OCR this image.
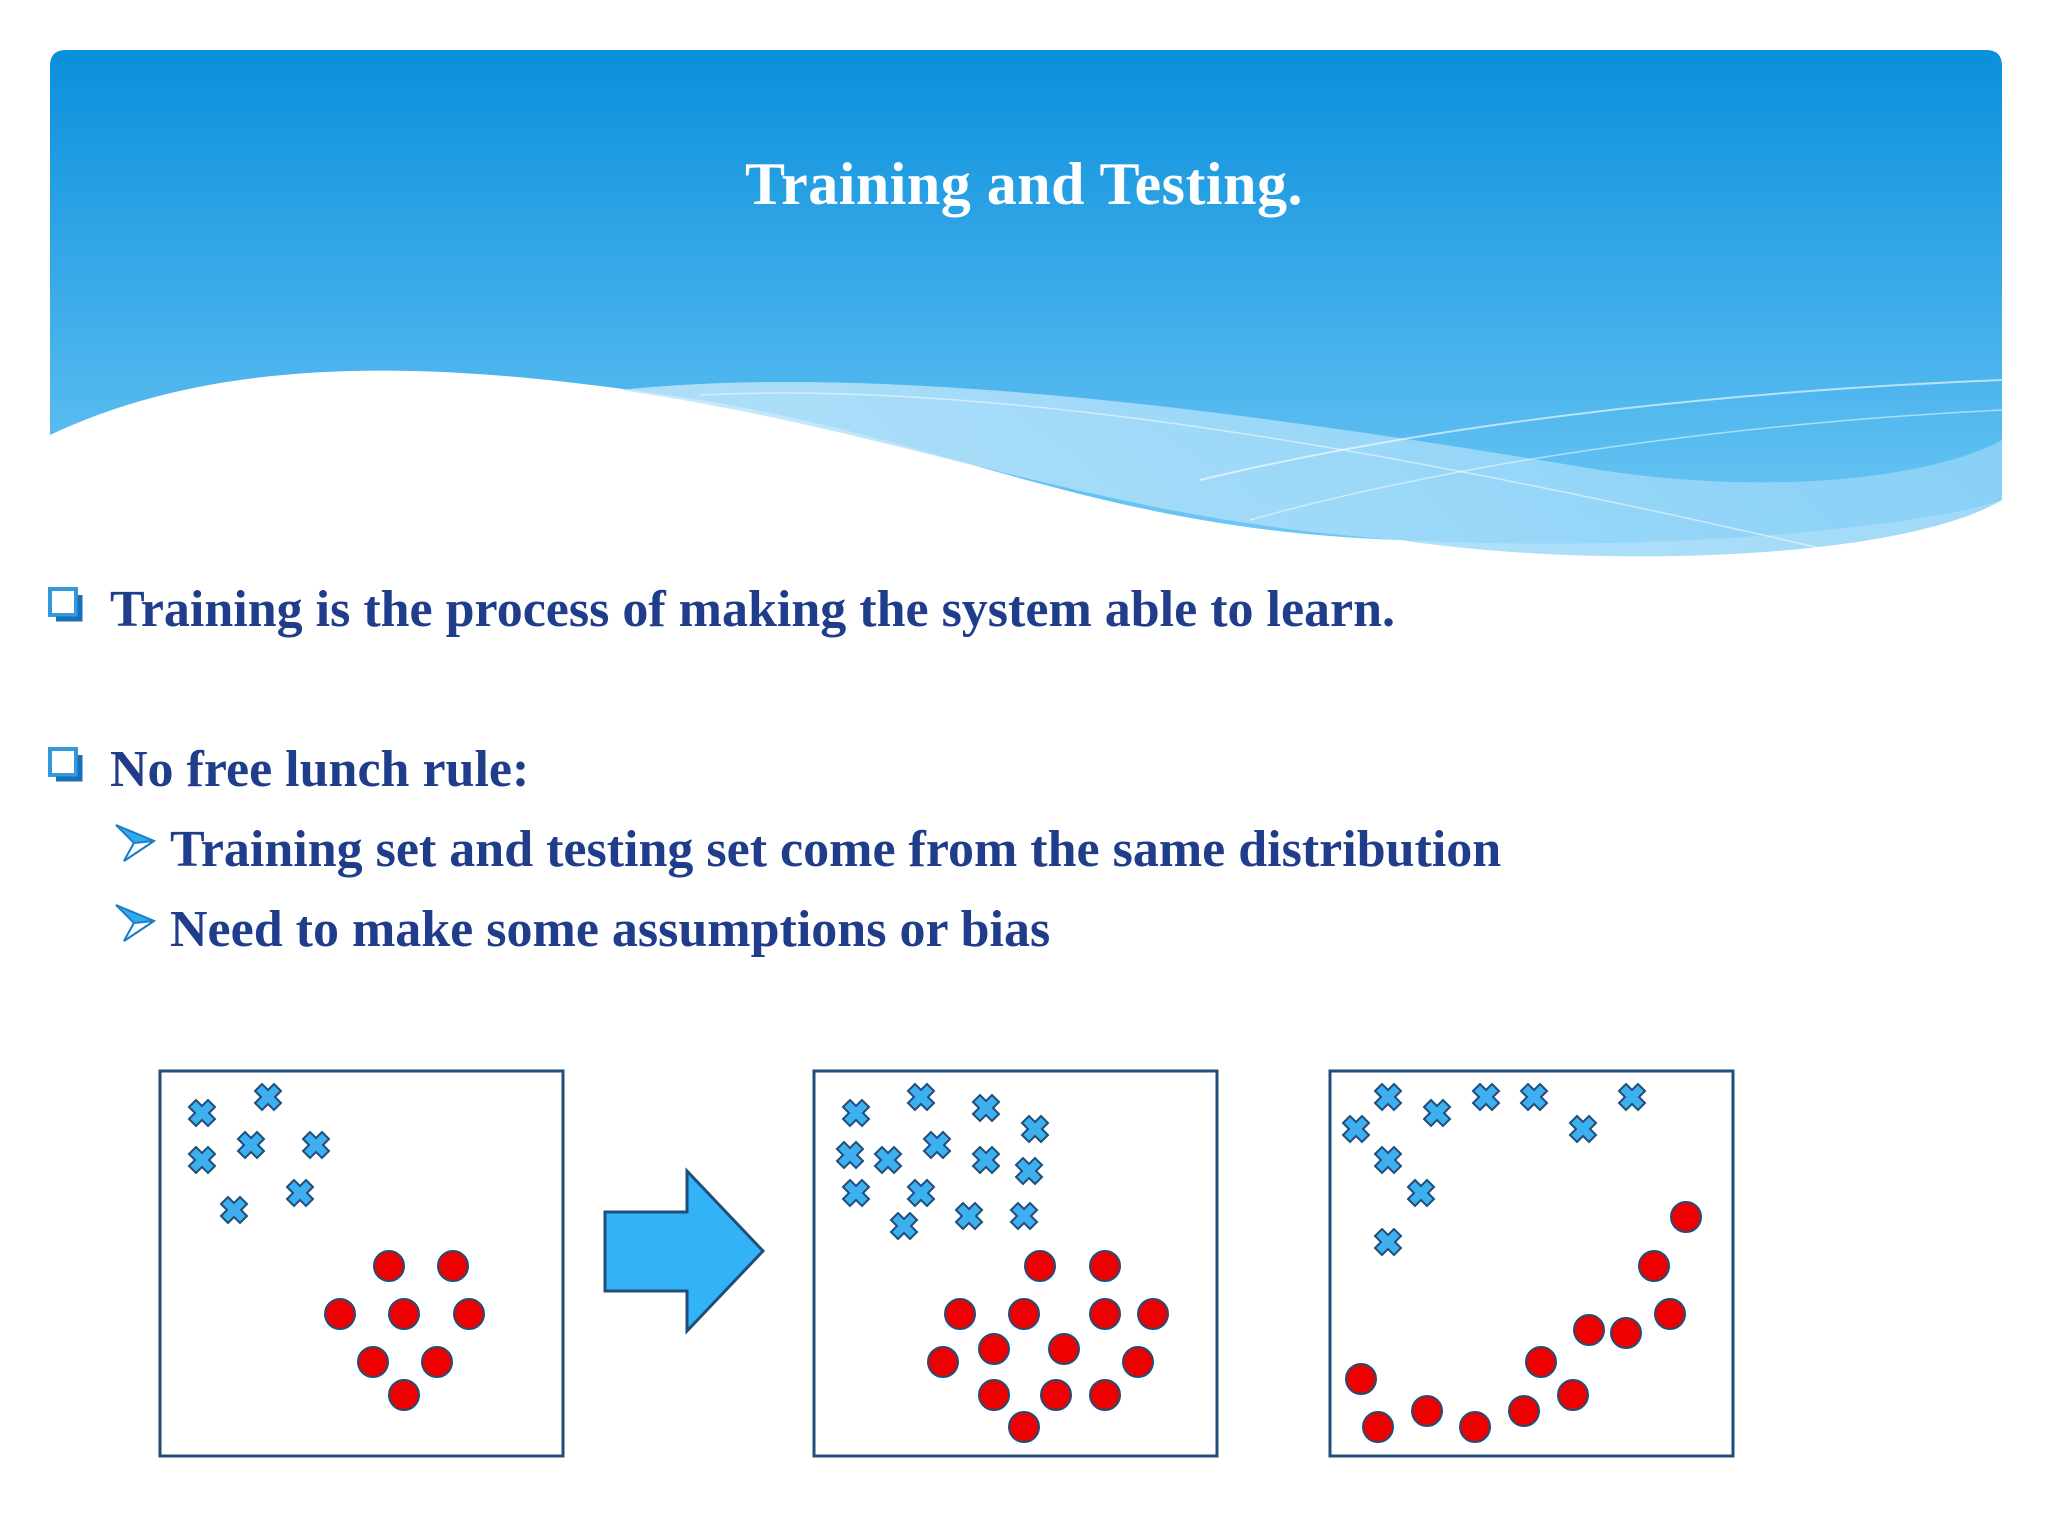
Training and Testing.
Training is the process of making the system able to learn.
No free lunch rule:
Training set and testing set come from the same distribution
Need to make some assumptions or bias
